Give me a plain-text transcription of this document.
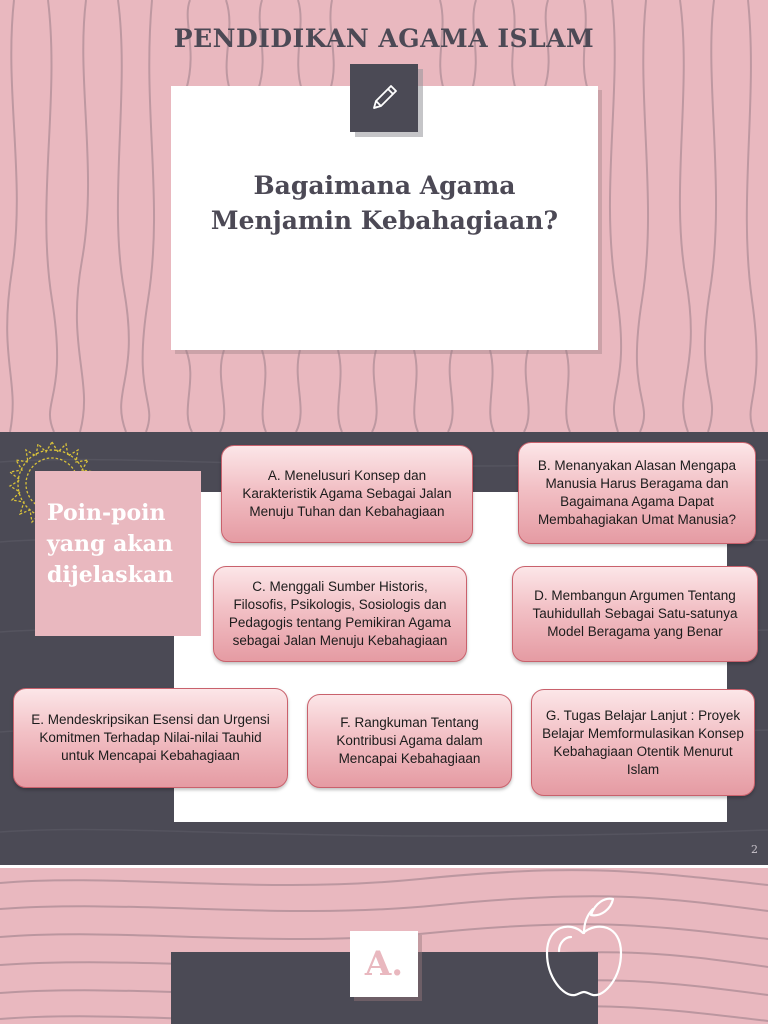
PENDIDIKAN AGAMA ISLAM
Bagaimana Agama
Menjamin Kebahagiaan?
Poin-poin
yang akan
dijelaskan
A. Menelusuri Konsep dan Karakteristik Agama Sebagai Jalan Menuju Tuhan dan Kebahagiaan
B. Menanyakan Alasan Mengapa Manusia Harus Beragama dan Bagaimana Agama Dapat Membahagiakan Umat Manusia?
C. Menggali Sumber Historis, Filosofis, Psikologis, Sosiologis dan Pedagogis tentang Pemikiran Agama sebagai Jalan Menuju Kebahagiaan
D. Membangun Argumen Tentang Tauhidullah Sebagai Satu-satunya Model Beragama yang Benar
E. Mendeskripsikan Esensi dan Urgensi Komitmen Terhadap Nilai-nilai Tauhid untuk Mencapai Kebahagiaan
F. Rangkuman Tentang Kontribusi Agama dalam Mencapai Kebahagiaan
G. Tugas Belajar Lanjut : Proyek Belajar Memformulasikan Konsep Kebahagiaan Otentik Menurut Islam
2
A.
